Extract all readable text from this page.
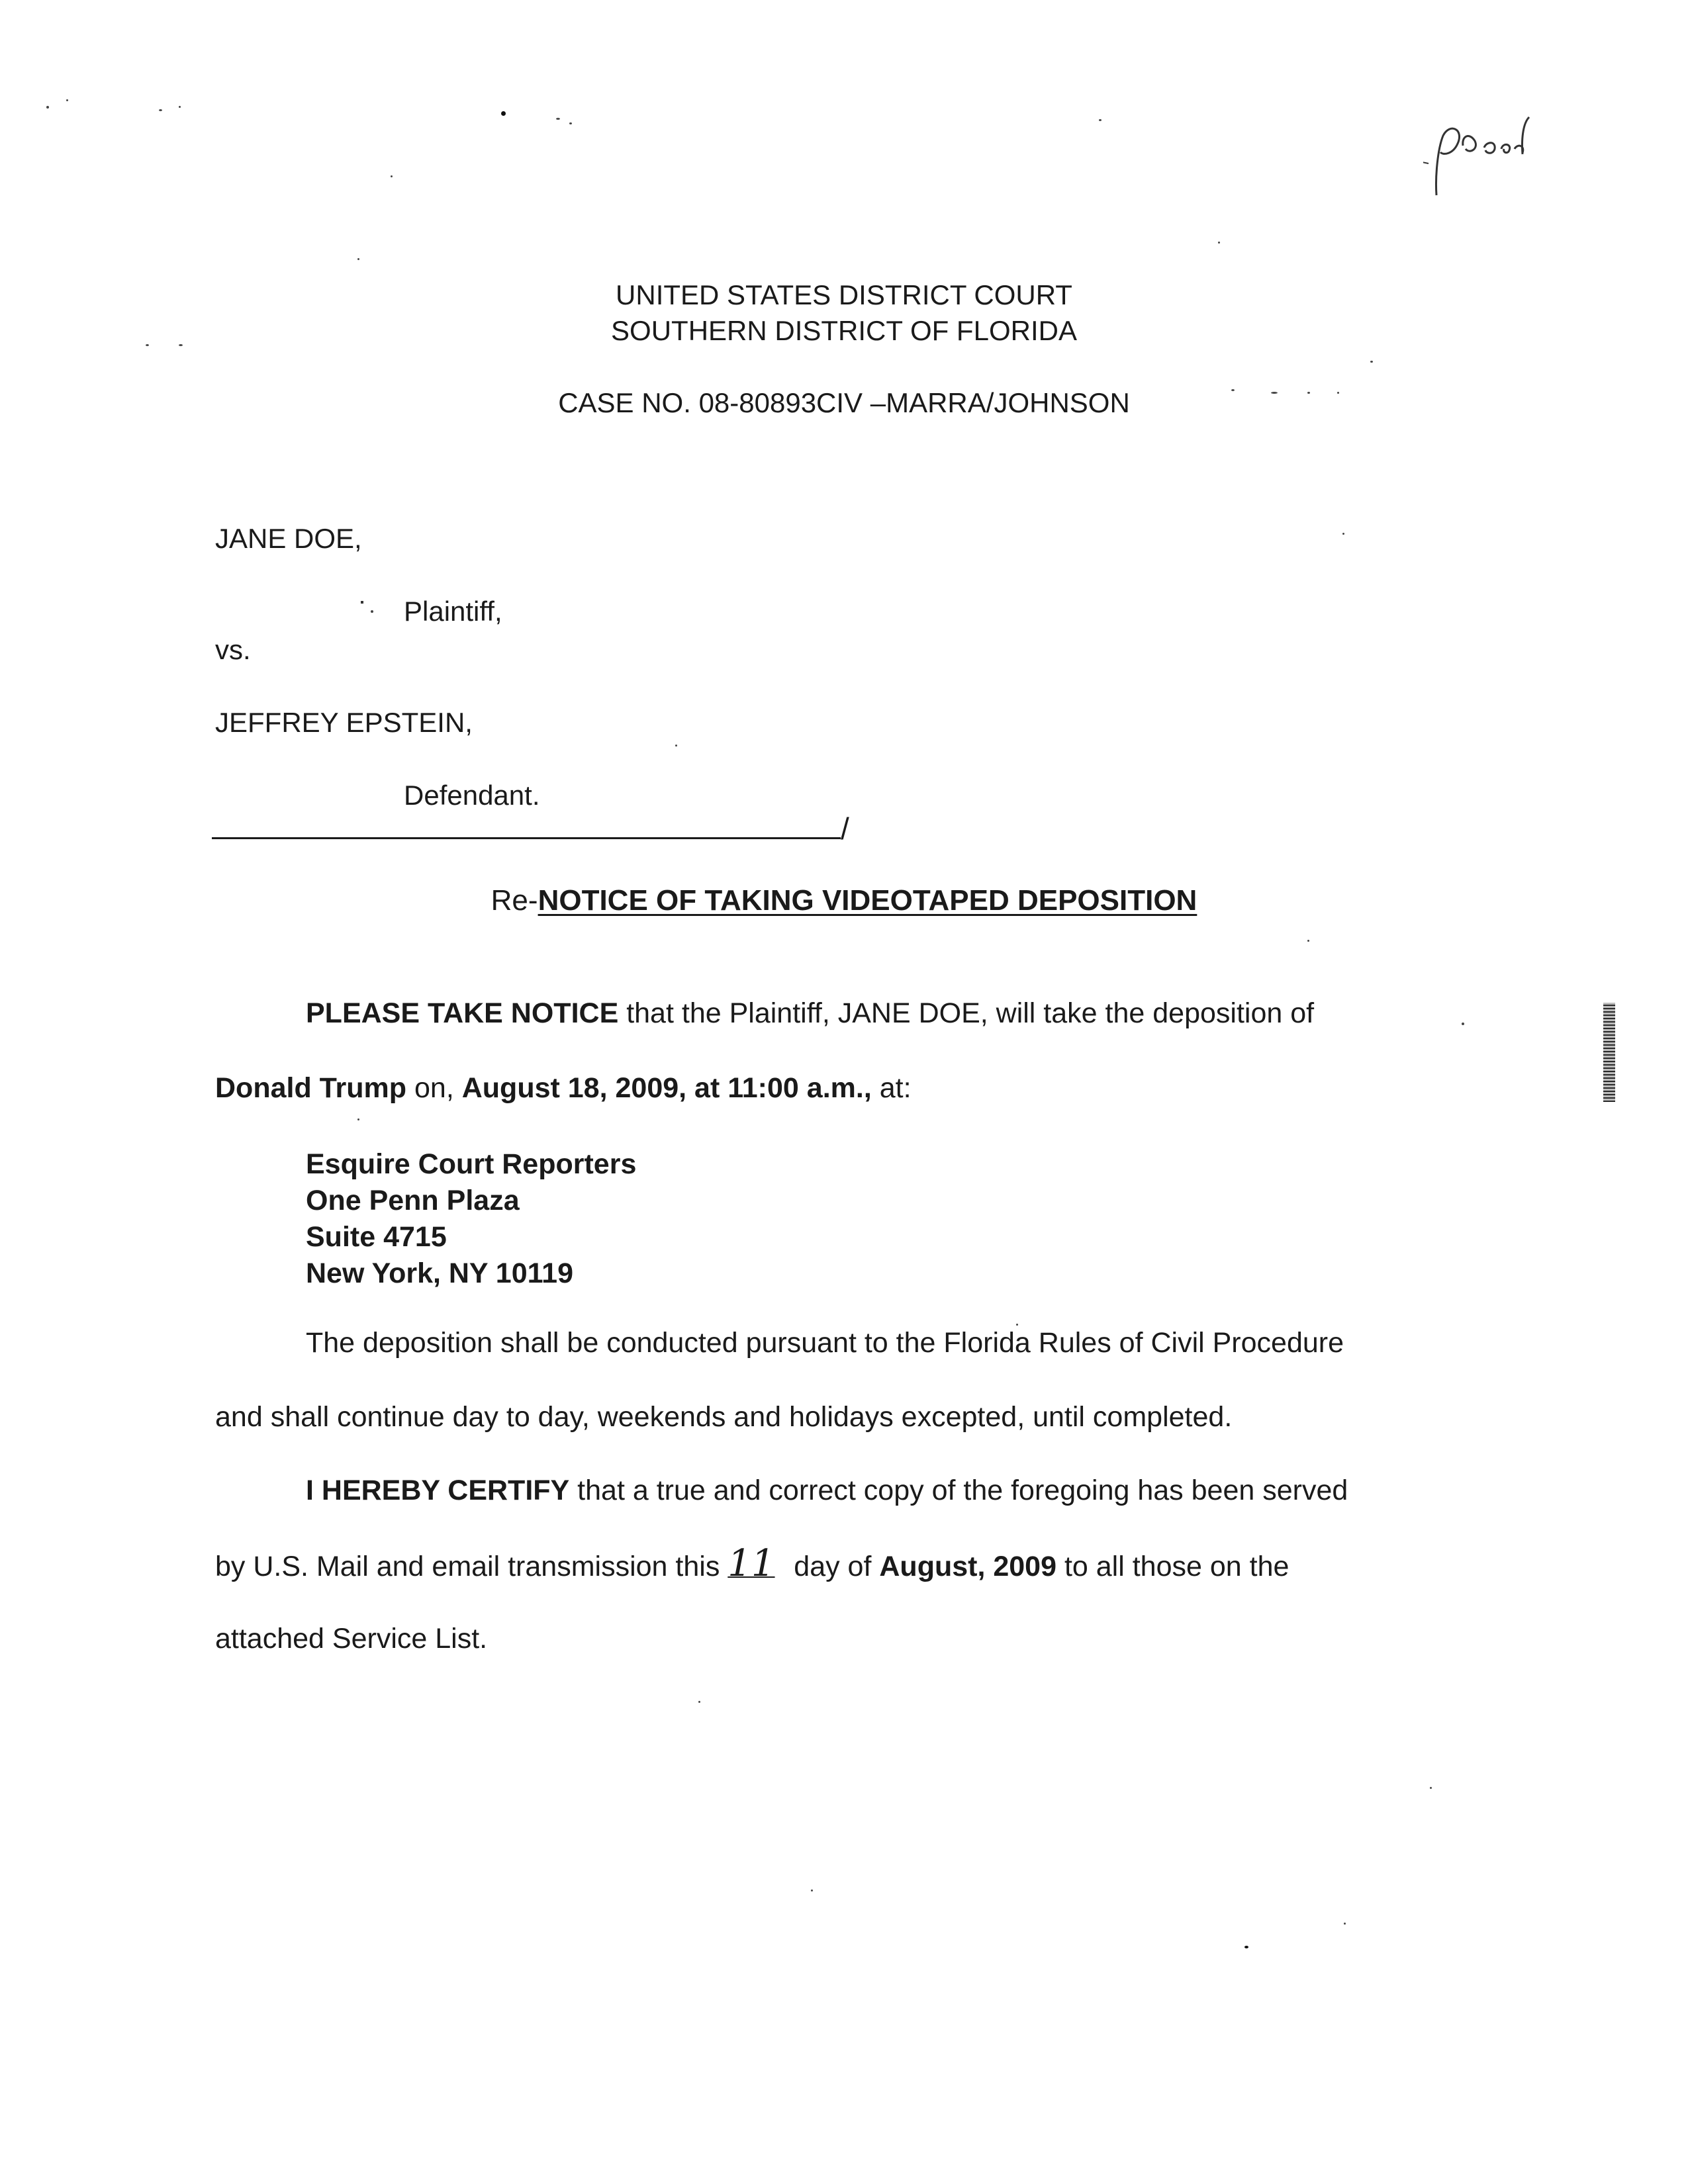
UNITED STATES DISTRICT COURT
SOUTHERN DISTRICT OF FLORIDA
CASE NO. 08-80893CIV –MARRA/JOHNSON
JANE DOE,
Plaintiff,
vs.
JEFFREY EPSTEIN,
Defendant.
/
Re-NOTICE OF TAKING VIDEOTAPED DEPOSITION
PLEASE TAKE NOTICE that the Plaintiff, JANE DOE, will take the deposition of
Donald Trump on, August 18, 2009, at 11:00 a.m., at:
Esquire Court Reporters
One Penn Plaza
Suite 4715
New York, NY 10119
The deposition shall be conducted pursuant to the Florida Rules of Civil Procedure
and shall continue day to day, weekends and holidays excepted, until completed.
I HEREBY CERTIFY that a true and correct copy of the foregoing has been served
by U.S. Mail and email transmission this 11 day of August, 2009 to all those on the
attached Service List.
